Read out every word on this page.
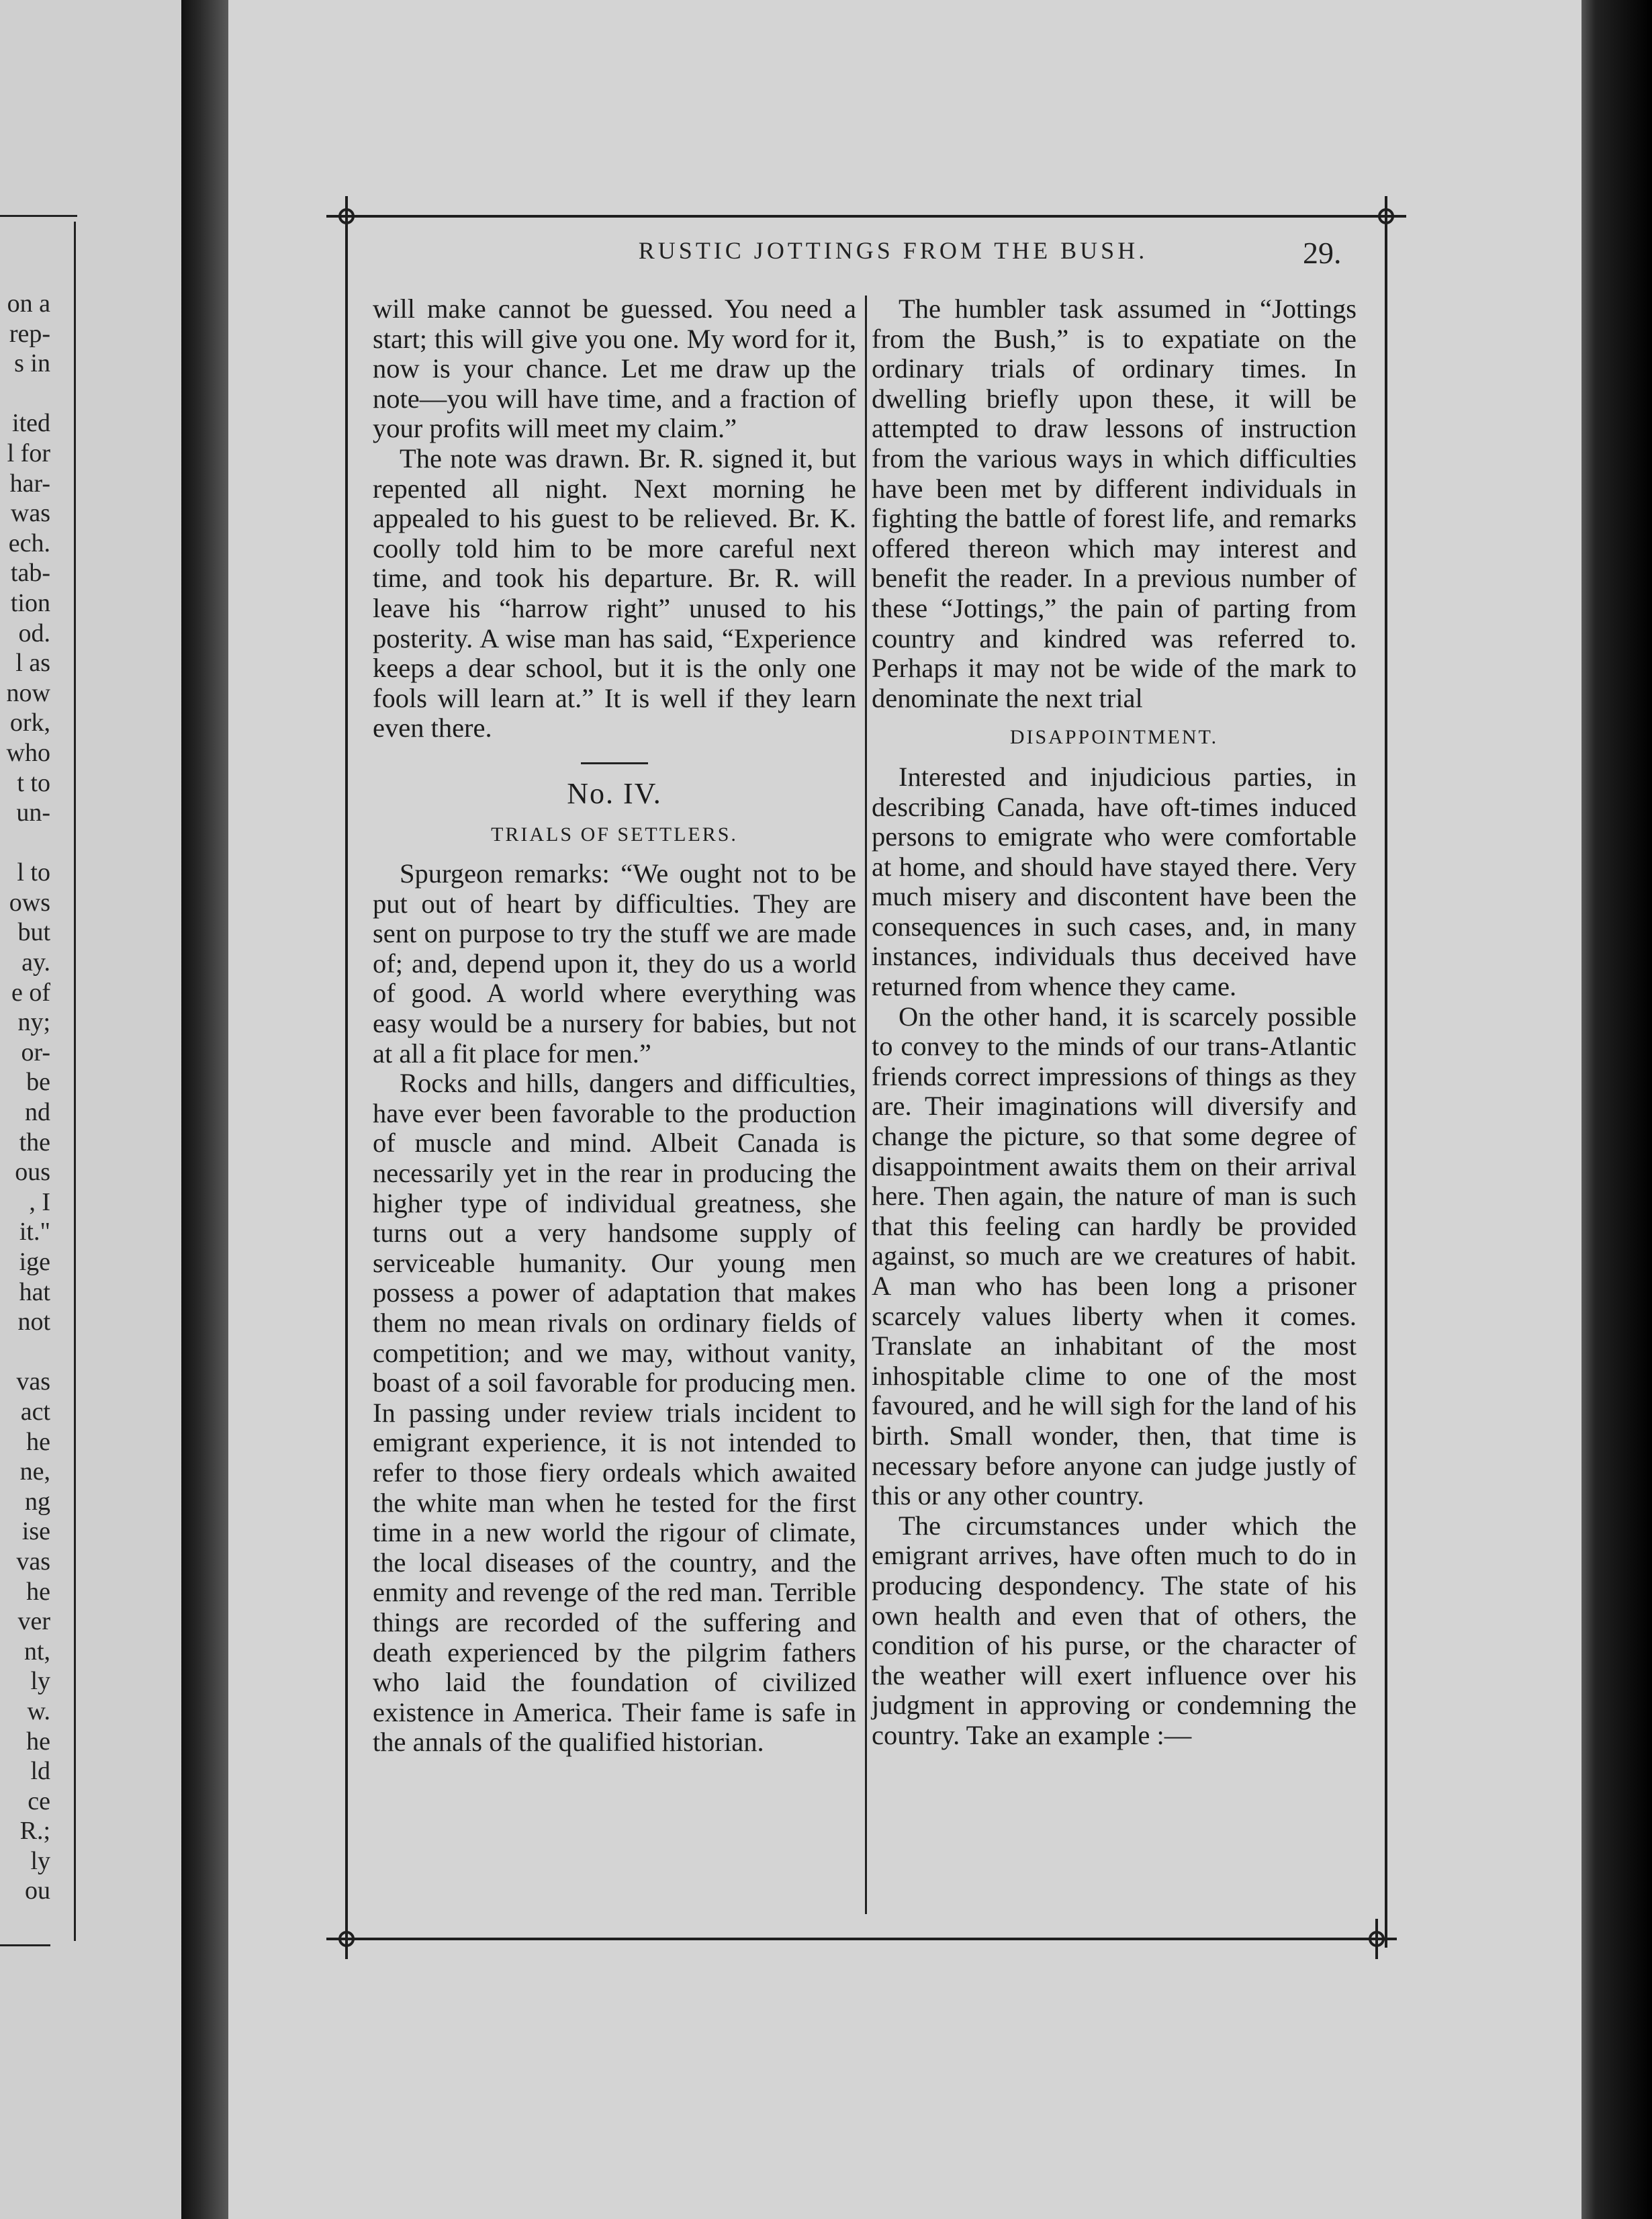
on a
rep-
s in

ited
l for
har-
was
ech.
tab-
tion
od.
l as
now
ork,
who
t to
un-

l to
ows
but
ay.
e of
ny;
or-
be
nd
the
ous
, I
it."
ige
hat
not

vas
act
he
ne,
ng
ise
vas
he
ver
nt,
ly
w.
he
ld
ce
R.;
ly
ou
RUSTIC JOTTINGS FROM THE BUSH.	29.

will make cannot be guessed. You need a start; this will give you one. My word for it, now is your chance. Let me draw up the note—you will have time, and a fraction of your profits will meet my claim.”

The note was drawn. Br. R. signed it, but repented all night. Next morning he appealed to his guest to be relieved. Br. K. coolly told him to be more careful next time, and took his departure. Br. R. will leave his “harrow right” unused to his posterity. A wise man has said, “Experience keeps a dear school, but it is the only one fools will learn at.” It is well if they learn even there.

No. IV.
TRIALS OF SETTLERS.

Spurgeon remarks: “We ought not to be put out of heart by difficulties. They are sent on purpose to try the stuff we are made of; and, depend upon it, they do us a world of good. A world where everything was easy would be a nursery for babies, but not at all a fit place for men.”

Rocks and hills, dangers and difficulties, have ever been favorable to the production of muscle and mind. Albeit Canada is necessarily yet in the rear in producing the higher type of individual greatness, she turns out a very handsome supply of serviceable humanity. Our young men possess a power of adaptation that makes them no mean rivals on ordinary fields of competition; and we may, without vanity, boast of a soil favorable for producing men. In passing under review trials incident to emigrant experience, it is not intended to refer to those fiery ordeals which awaited the white man when he tested for the first time in a new world the rigour of climate, the local diseases of the country, and the enmity and revenge of the red man. Terrible things are recorded of the suffering and death experienced by the pilgrim fathers who laid the foundation of civilized existence in America. Their fame is safe in the annals of the qualified historian.

The humbler task assumed in “Jottings from the Bush,” is to expatiate on the ordinary trials of ordinary times. In dwelling briefly upon these, it will be attempted to draw lessons of instruction from the various ways in which difficulties have been met by different individuals in fighting the battle of forest life, and remarks offered thereon which may interest and benefit the reader. In a previous number of these “Jottings,” the pain of parting from country and kindred was referred to. Perhaps it may not be wide of the mark to denominate the next trial

DISAPPOINTMENT.

Interested and injudicious parties, in describing Canada, have oft-times induced persons to emigrate who were comfortable at home, and should have stayed there. Very much misery and discontent have been the consequences in such cases, and, in many instances, individuals thus deceived have returned from whence they came.

On the other hand, it is scarcely possible to convey to the minds of our trans-Atlantic friends correct impressions of things as they are. Their imaginations will diversify and change the picture, so that some degree of disappointment awaits them on their arrival here. Then again, the nature of man is such that this feeling can hardly be provided against, so much are we creatures of habit. A man who has been long a prisoner scarcely values liberty when it comes. Translate an inhabitant of the most inhospitable clime to one of the most favoured, and he will sigh for the land of his birth. Small wonder, then, that time is necessary before anyone can judge justly of this or any other country.

The circumstances under which the emigrant arrives, have often much to do in producing despondency. The state of his own health and even that of others, the condition of his purse, or the character of the weather will exert influence over his judgment in approving or condemning the country. Take an example :—
